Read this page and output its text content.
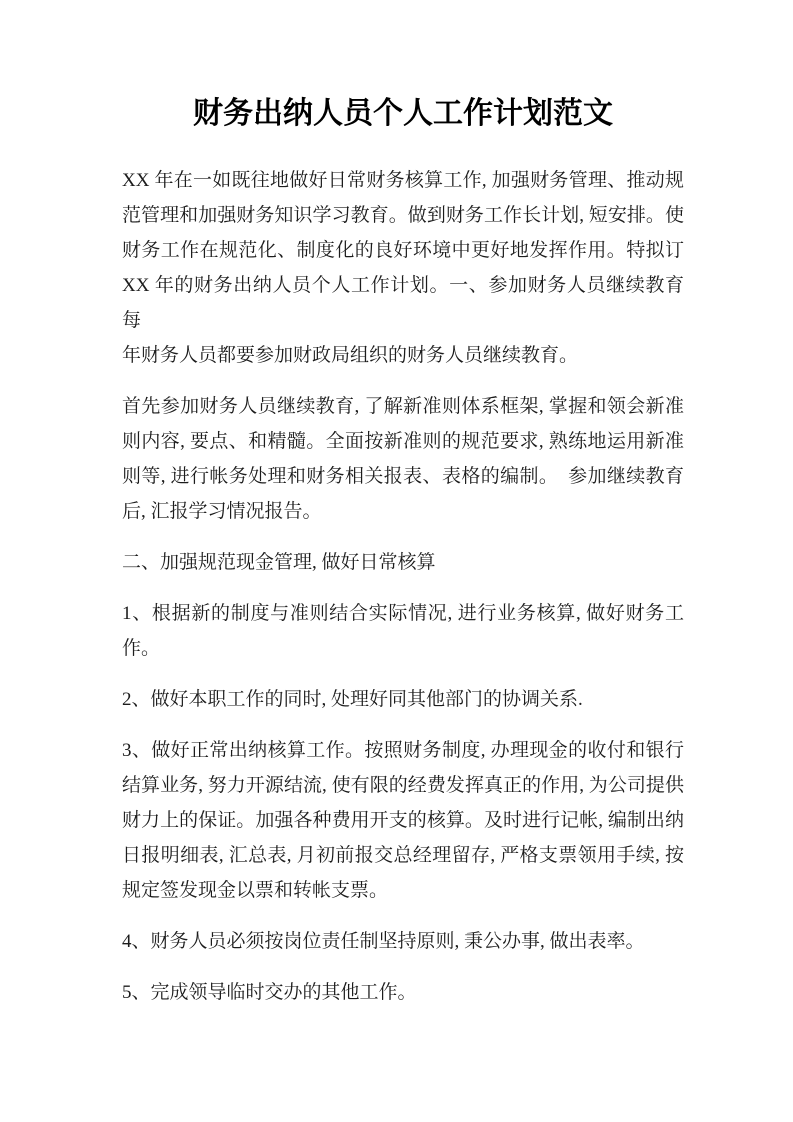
财务出纳人员个人工作计划范文

XX 年在一如既往地做好日常财务核算工作, 加强财务管理、推动规
范管理和加强财务知识学习教育。做到财务工作长计划, 短安排。使
财务工作在规范化、制度化的良好环境中更好地发挥作用。特拟订
XX 年的财务出纳人员个人工作计划。一、参加财务人员继续教育每
年财务人员都要参加财政局组织的财务人员继续教育。

首先参加财务人员继续教育, 了解新准则体系框架, 掌握和领会新准
则内容, 要点、和精髓。全面按新准则的规范要求, 熟练地运用新准
则等, 进行帐务处理和财务相关报表、表格的编制。　参加继续教育
后, 汇报学习情况报告。

二、加强规范现金管理, 做好日常核算

1、根据新的制度与准则结合实际情况, 进行业务核算, 做好财务工
作。

2、做好本职工作的同时, 处理好同其他部门的协调关系.

3、做好正常出纳核算工作。按照财务制度, 办理现金的收付和银行
结算业务, 努力开源结流, 使有限的经费发挥真正的作用, 为公司提供
财力上的保证。加强各种费用开支的核算。及时进行记帐, 编制出纳
日报明细表, 汇总表, 月初前报交总经理留存, 严格支票领用手续, 按
规定签发现金以票和转帐支票。

4、财务人员必须按岗位责任制坚持原则, 秉公办事, 做出表率。

5、完成领导临时交办的其他工作。
